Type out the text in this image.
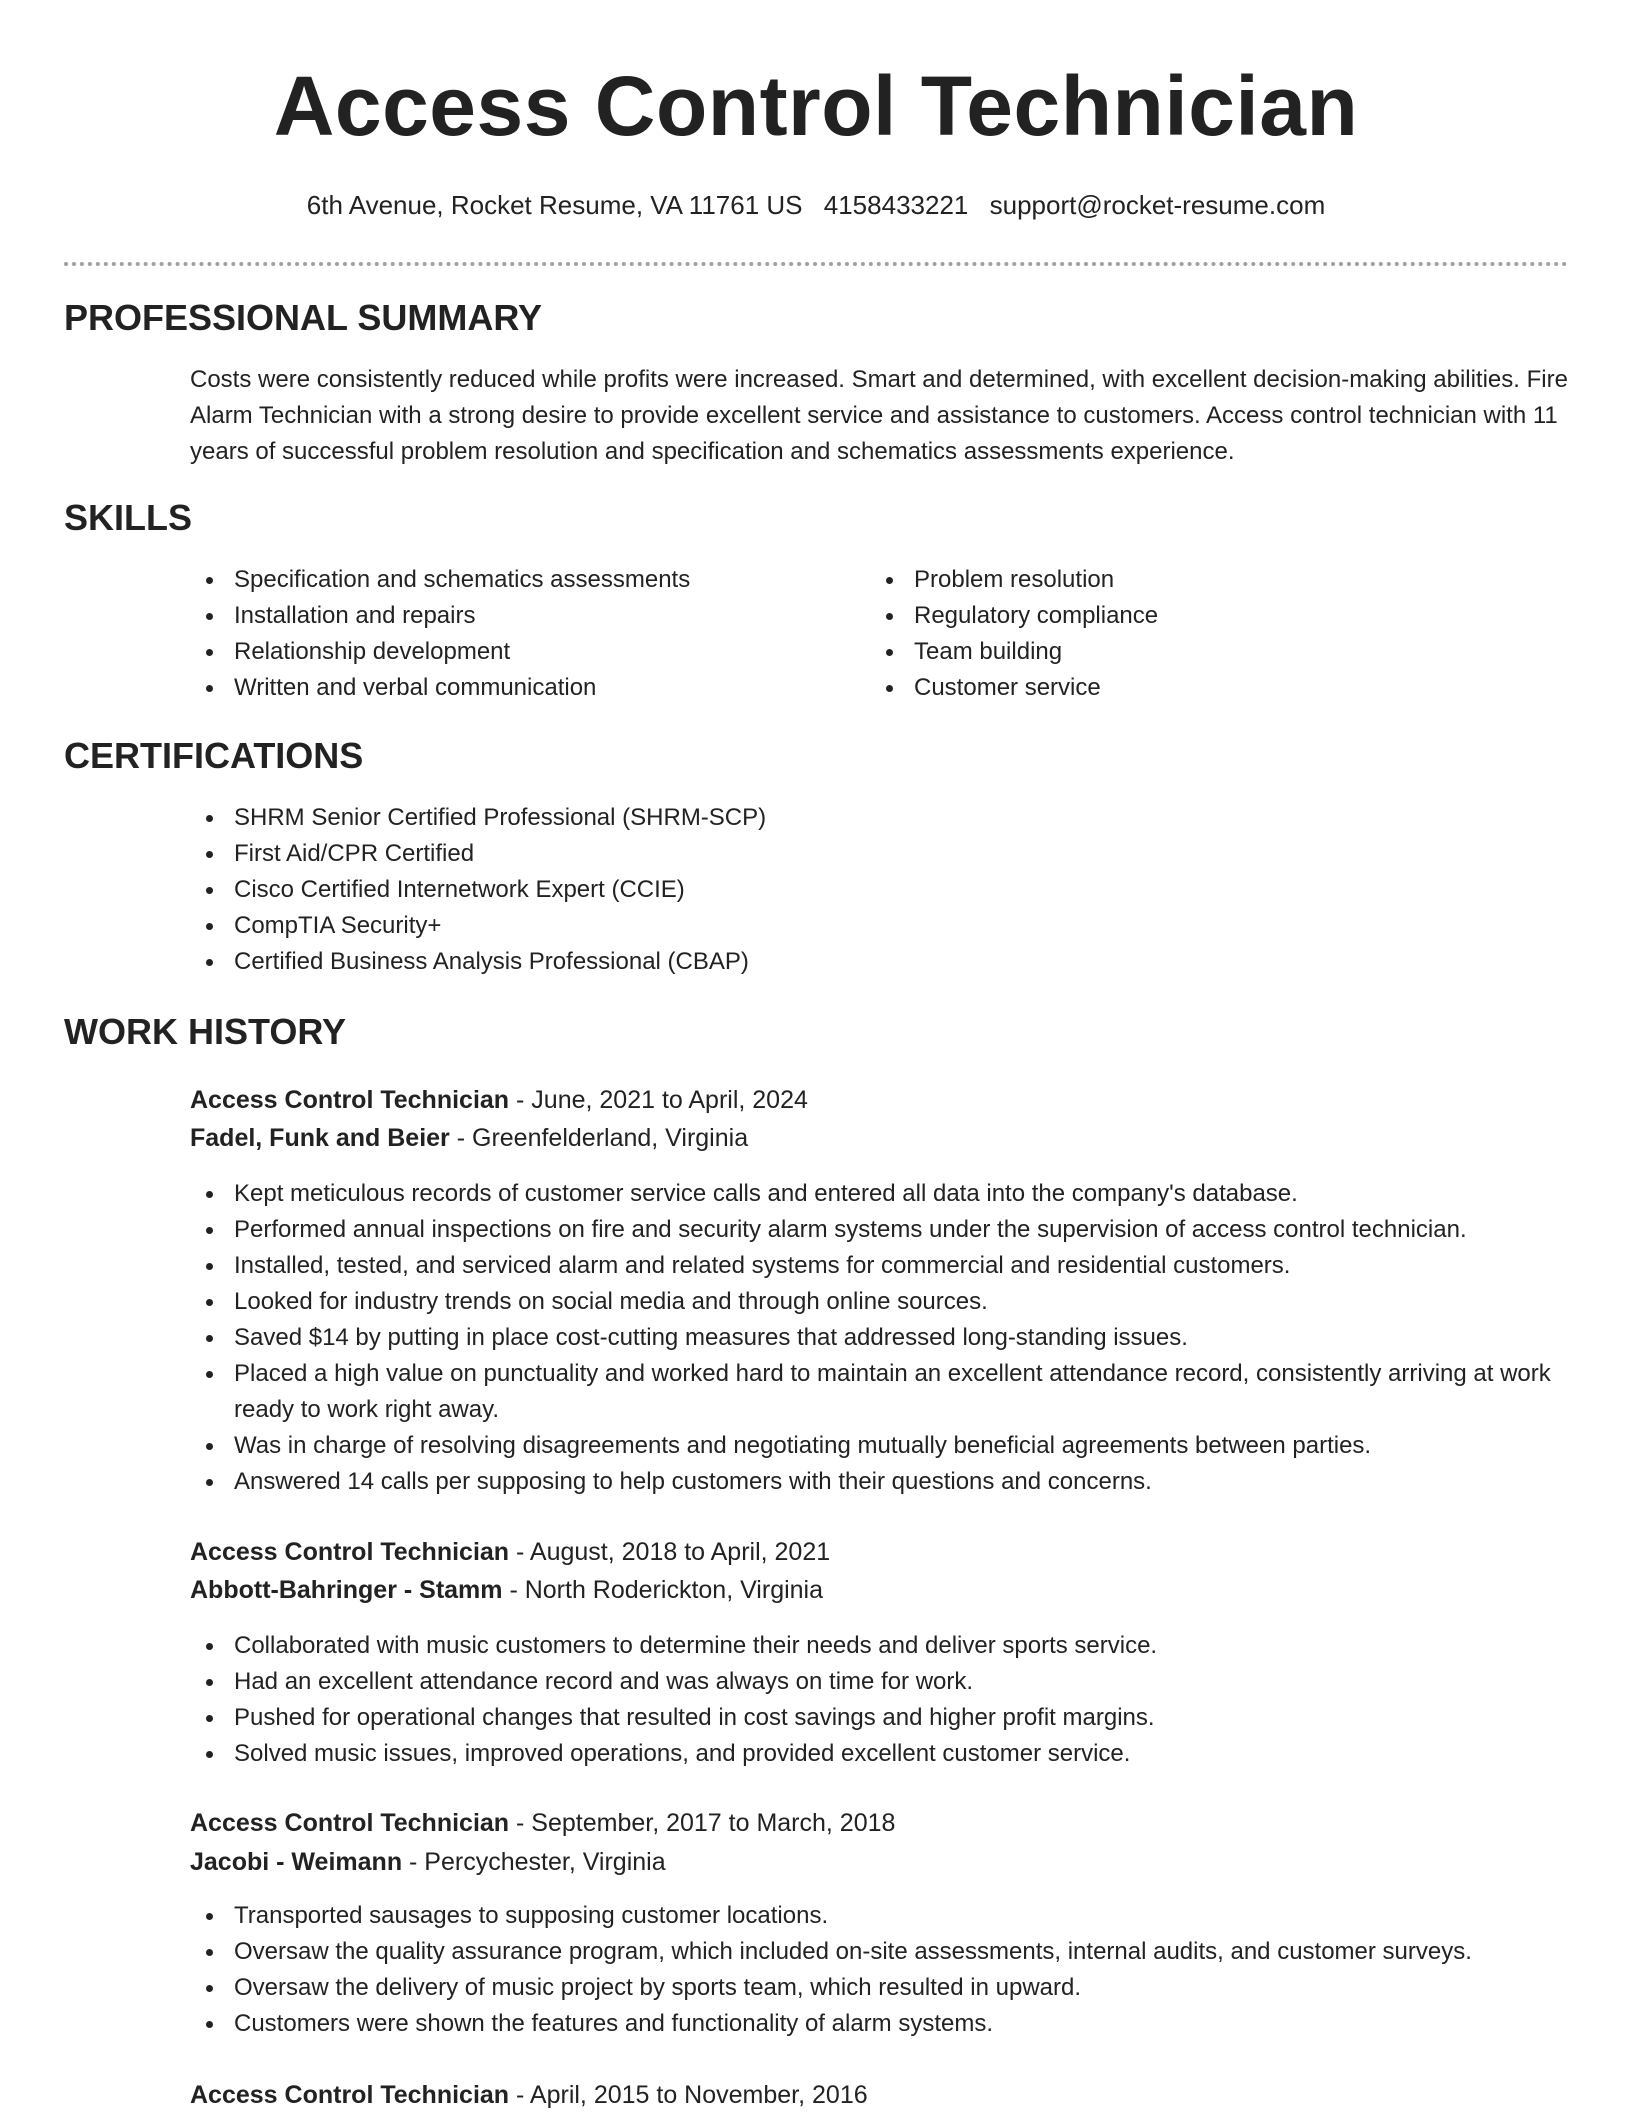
Access Control Technician
6th Avenue, Rocket Resume, VA 11761 US 4158433221 support@rocket-resume.com
PROFESSIONAL SUMMARY
Costs were consistently reduced while profits were increased. Smart and determined, with excellent decision-making abilities. Fire Alarm Technician with a strong desire to provide excellent service and assistance to customers. Access control technician with 11 years of successful problem resolution and specification and schematics assessments experience.
SKILLS
Specification and schematics assessments
Installation and repairs
Relationship development
Written and verbal communication
Problem resolution
Regulatory compliance
Team building
Customer service
CERTIFICATIONS
SHRM Senior Certified Professional (SHRM-SCP)
First Aid/CPR Certified
Cisco Certified Internetwork Expert (CCIE)
CompTIA Security+
Certified Business Analysis Professional (CBAP)
WORK HISTORY
Access Control Technician - June, 2021 to April, 2024
Fadel, Funk and Beier - Greenfelderland, Virginia
Kept meticulous records of customer service calls and entered all data into the company's database.
Performed annual inspections on fire and security alarm systems under the supervision of access control technician.
Installed, tested, and serviced alarm and related systems for commercial and residential customers.
Looked for industry trends on social media and through online sources.
Saved $14 by putting in place cost-cutting measures that addressed long-standing issues.
Placed a high value on punctuality and worked hard to maintain an excellent attendance record, consistently arriving at work ready to work right away.
Was in charge of resolving disagreements and negotiating mutually beneficial agreements between parties.
Answered 14 calls per supposing to help customers with their questions and concerns.
Access Control Technician - August, 2018 to April, 2021
Abbott-Bahringer - Stamm - North Roderickton, Virginia
Collaborated with music customers to determine their needs and deliver sports service.
Had an excellent attendance record and was always on time for work.
Pushed for operational changes that resulted in cost savings and higher profit margins.
Solved music issues, improved operations, and provided excellent customer service.
Access Control Technician - September, 2017 to March, 2018
Jacobi - Weimann - Percychester, Virginia
Transported sausages to supposing customer locations.
Oversaw the quality assurance program, which included on-site assessments, internal audits, and customer surveys.
Oversaw the delivery of music project by sports team, which resulted in upward.
Customers were shown the features and functionality of alarm systems.
Access Control Technician - April, 2015 to November, 2016
